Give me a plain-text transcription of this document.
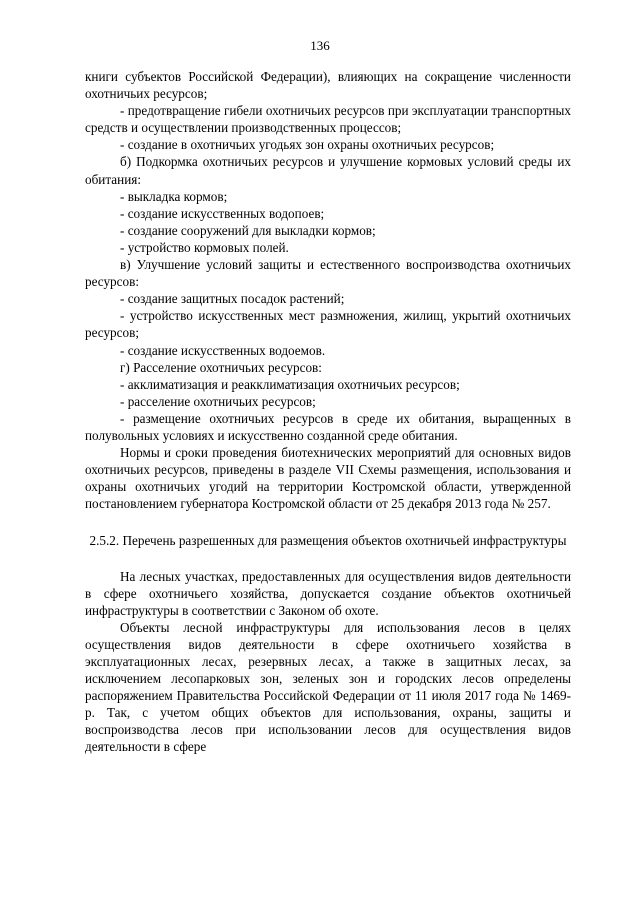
136

книги субъектов Российской Федерации), влияющих на сокращение численности охотничьих ресурсов;

- предотвращение гибели охотничьих ресурсов при эксплуатации транспортных средств и осуществлении производственных процессов;

- создание в охотничьих угодьях зон охраны охотничьих ресурсов;

б) Подкормка охотничьих ресурсов и улучшение кормовых условий среды их обитания:

- выкладка кормов;

- создание искусственных водопоев;

- создание сооружений для выкладки кормов;

- устройство кормовых полей.

в) Улучшение условий защиты и естественного воспроизводства охотничьих ресурсов:

- создание защитных посадок растений;

- устройство искусственных мест размножения, жилищ, укрытий охотничьих ресурсов;

- создание искусственных водоемов.

г) Расселение охотничьих ресурсов:

- акклиматизация и реакклиматизация охотничьих ресурсов;

- расселение охотничьих ресурсов;

- размещение охотничьих ресурсов в среде их обитания, выращенных в полувольных условиях и искусственно созданной среде обитания.

Нормы и сроки проведения биотехнических мероприятий для основных видов охотничьих ресурсов, приведены в разделе VII Схемы размещения, использования и охраны охотничьих угодий на территории Костромской области, утвержденной постановлением губернатора Костромской области от 25 декабря 2013 года № 257.

2.5.2. Перечень разрешенных для размещения объектов охотничьей инфраструктуры

На лесных участках, предоставленных для осуществления видов деятельности в сфере охотничьего хозяйства, допускается создание объектов охотничьей инфраструктуры в соответствии с Законом об охоте.

Объекты лесной инфраструктуры для использования лесов в целях осуществления видов деятельности в сфере охотничьего хозяйства в эксплуатационных лесах, резервных лесах, а также в защитных лесах, за исключением лесопарковых зон, зеленых зон и городских лесов определены распоряжением Правительства Российской Федерации от 11 июля 2017 года № 1469-р. Так, с учетом общих объектов для использования, охраны, защиты и воспроизводства лесов при использовании лесов для осуществления видов деятельности в сфере
